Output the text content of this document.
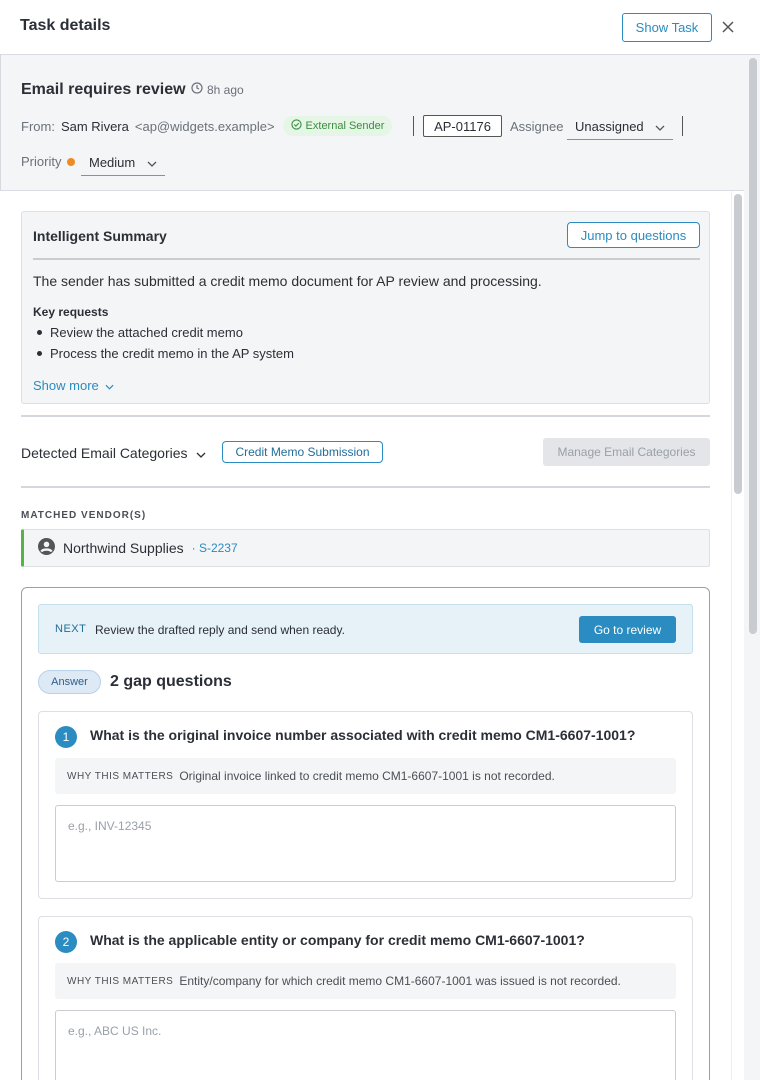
Task details	Show Task
Email requires review 8h ago
From: Sam Rivera <ap@widgets.example>	External Sender	AP-01176	Assignee Unassigned
Priority Medium
Intelligent Summary	Jump to questions
The sender has submitted a credit memo document for AP review and processing.
Key requests
Review the attached credit memo
Process the credit memo in the AP system
Show more
Detected Email Categories	Credit Memo Submission	Manage Email Categories
MATCHED VENDOR(S)
Northwind Supplies · S-2237
NEXT Review the drafted reply and send when ready.	Go to review
Answer	2 gap questions
1	What is the original invoice number associated with credit memo CM1-6607-1001?
WHY THIS MATTERS Original invoice linked to credit memo CM1-6607-1001 is not recorded.
e.g., INV-12345
2	What is the applicable entity or company for credit memo CM1-6607-1001?
WHY THIS MATTERS Entity/company for which credit memo CM1-6607-1001 was issued is not recorded.
e.g., ABC US Inc.
